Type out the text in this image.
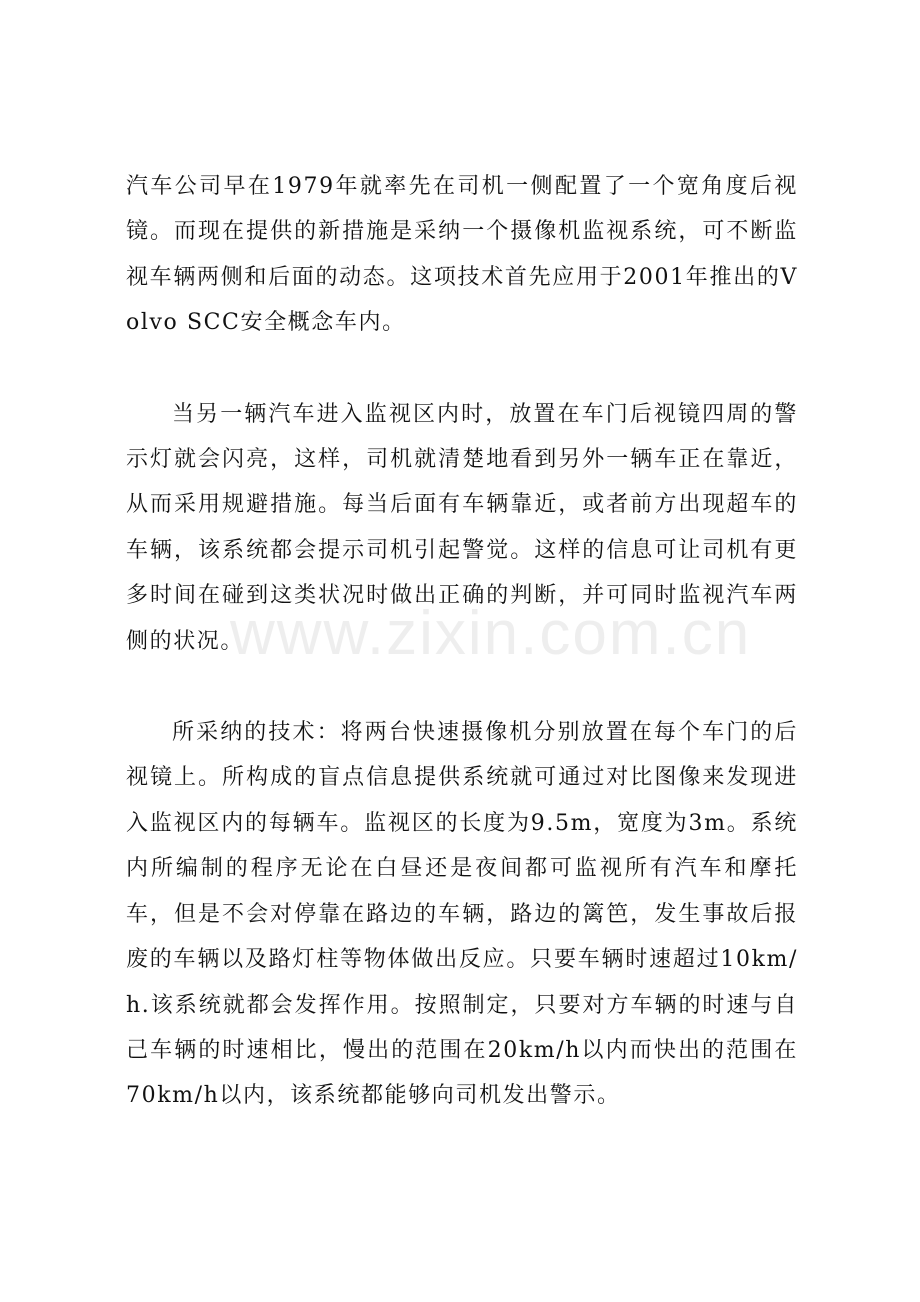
汽车公司早在1979年就率先在司机一侧配置了一个宽角度后视镜。而现在提供的新措施是采纳一个摄像机监视系统，可不断监视车辆两侧和后面的动态。这项技术首先应用于2001年推出的Volvo SCC安全概念车内。

当另一辆汽车进入监视区内时，放置在车门后视镜四周的警示灯就会闪亮，这样，司机就清楚地看到另外一辆车正在靠近，从而采用规避措施。每当后面有车辆靠近，或者前方出现超车的车辆，该系统都会提示司机引起警觉。这样的信息可让司机有更多时间在碰到这类状况时做出正确的判断，并可同时监视汽车两侧的状况。

所采纳的技术：将两台快速摄像机分别放置在每个车门的后视镜上。所构成的盲点信息提供系统就可通过对比图像来发现进入监视区内的每辆车。监视区的长度为9.5m，宽度为3m。系统内所编制的程序无论在白昼还是夜间都可监视所有汽车和摩托车，但是不会对停靠在路边的车辆，路边的篱笆，发生事故后报废的车辆以及路灯柱等物体做出反应。只要车辆时速超过10km/h.该系统就都会发挥作用。按照制定，只要对方车辆的时速与自己车辆的时速相比，慢出的范围在20km/h以内而快出的范围在70km/h以内，该系统都能够向司机发出警示。

www.zixin.com.cn
